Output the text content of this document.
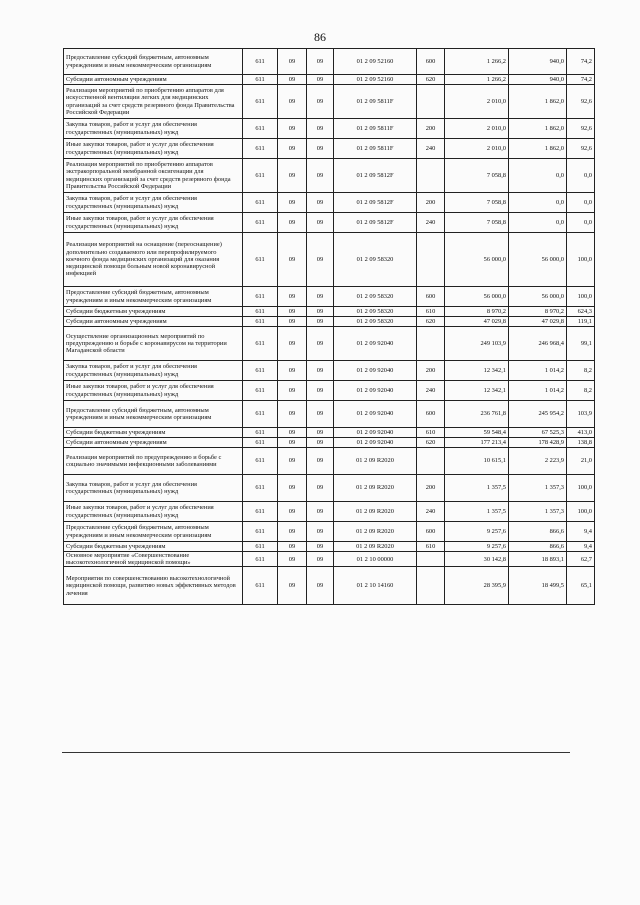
86
Предоставление субсидий бюджетным, автономным учреждениям и иным некоммерческим организациям	611	09	09	01 2 09 52160	600	1 266,2	940,0	74,2
Субсидии автономным учреждениям	611	09	09	01 2 09 52160	620	1 266,2	940,0	74,2
Реализация мероприятий по приобретению аппаратов для искусственной вентиляции легких для медицинских организаций за счет средств резервного фонда Правительства Российской Федерации	611	09	09	01 2 09 5811F		2 010,0	1 862,0	92,6
Закупка товаров, работ и услуг для обеспечения государственных (муниципальных) нужд	611	09	09	01 2 09 5811F	200	2 010,0	1 862,0	92,6
Иные закупки товаров, работ и услуг для обеспечения государственных (муниципальных) нужд	611	09	09	01 2 09 5811F	240	2 010,0	1 862,0	92,6
Реализация мероприятий по приобретению аппаратов экстракорпоральной мембранной оксигенации для медицинских организаций за счет средств резервного фонда Правительства Российской Федерации	611	09	09	01 2 09 5812F		7 058,8	0,0	0,0
Закупка товаров, работ и услуг для обеспечения государственных (муниципальных) нужд	611	09	09	01 2 09 5812F	200	7 058,8	0,0	0,0
Иные закупки товаров, работ и услуг для обеспечения государственных (муниципальных) нужд	611	09	09	01 2 09 5812F	240	7 058,8	0,0	0,0
Реализация мероприятий на оснащение (переоснащение) дополнительно создаваемого или перепрофилируемого коечного фонда медицинских организаций для оказания медицинской помощи больным новой коронавирусной инфекцией	611	09	09	01 2 09 58320		56 000,0	56 000,0	100,0
Предоставление субсидий бюджетным, автономным учреждениям и иным некоммерческим организациям	611	09	09	01 2 09 58320	600	56 000,0	56 000,0	100,0
Субсидии бюджетным учреждениям	611	09	09	01 2 09 58320	610	8 970,2	8 970,2	624,3
Субсидии автономным учреждениям	611	09	09	01 2 09 58320	620	47 029,8	47 029,8	119,1
Осуществление организационных мероприятий по предупреждению и борьбе с коронавирусом на территории Магаданской области	611	09	09	01 2 09 92040		249 103,9	246 968,4	99,1
Закупка товаров, работ и услуг для обеспечения государственных (муниципальных) нужд	611	09	09	01 2 09 92040	200	12 342,1	1 014,2	8,2
Иные закупки товаров, работ и услуг для обеспечения государственных (муниципальных) нужд	611	09	09	01 2 09 92040	240	12 342,1	1 014,2	8,2
Предоставление субсидий бюджетным, автономным учреждениям и иным некоммерческим организациям	611	09	09	01 2 09 92040	600	236 761,8	245 954,2	103,9
Субсидии бюджетным учреждениям	611	09	09	01 2 09 92040	610	59 548,4	67 525,3	413,0
Субсидии автономным учреждениям	611	09	09	01 2 09 92040	620	177 213,4	178 428,9	138,8
Реализация мероприятий по предупреждению и борьбе с социально значимыми инфекционными заболеваниями	611	09	09	01 2 09 R2020		10 615,1	2 223,9	21,0
Закупка товаров, работ и услуг для обеспечения государственных (муниципальных) нужд	611	09	09	01 2 09 R2020	200	1 357,5	1 357,3	100,0
Иные закупки товаров, работ и услуг для обеспечения государственных (муниципальных) нужд	611	09	09	01 2 09 R2020	240	1 357,5	1 357,3	100,0
Предоставление субсидий бюджетным, автономным учреждениям и иным некоммерческим организациям	611	09	09	01 2 09 R2020	600	9 257,6	866,6	9,4
Субсидии бюджетным учреждениям	611	09	09	01 2 09 R2020	610	9 257,6	866,6	9,4
Основное мероприятие «Совершенствование высокотехнологичной медицинской помощи»	611	09	09	01 2 10 00000		30 142,8	18 893,1	62,7
Мероприятия по совершенствованию высокотехнологичной медицинской помощи, развитию новых эффективных методов лечения	611	09	09	01 2 10 14160		28 395,9	18 499,5	65,1
